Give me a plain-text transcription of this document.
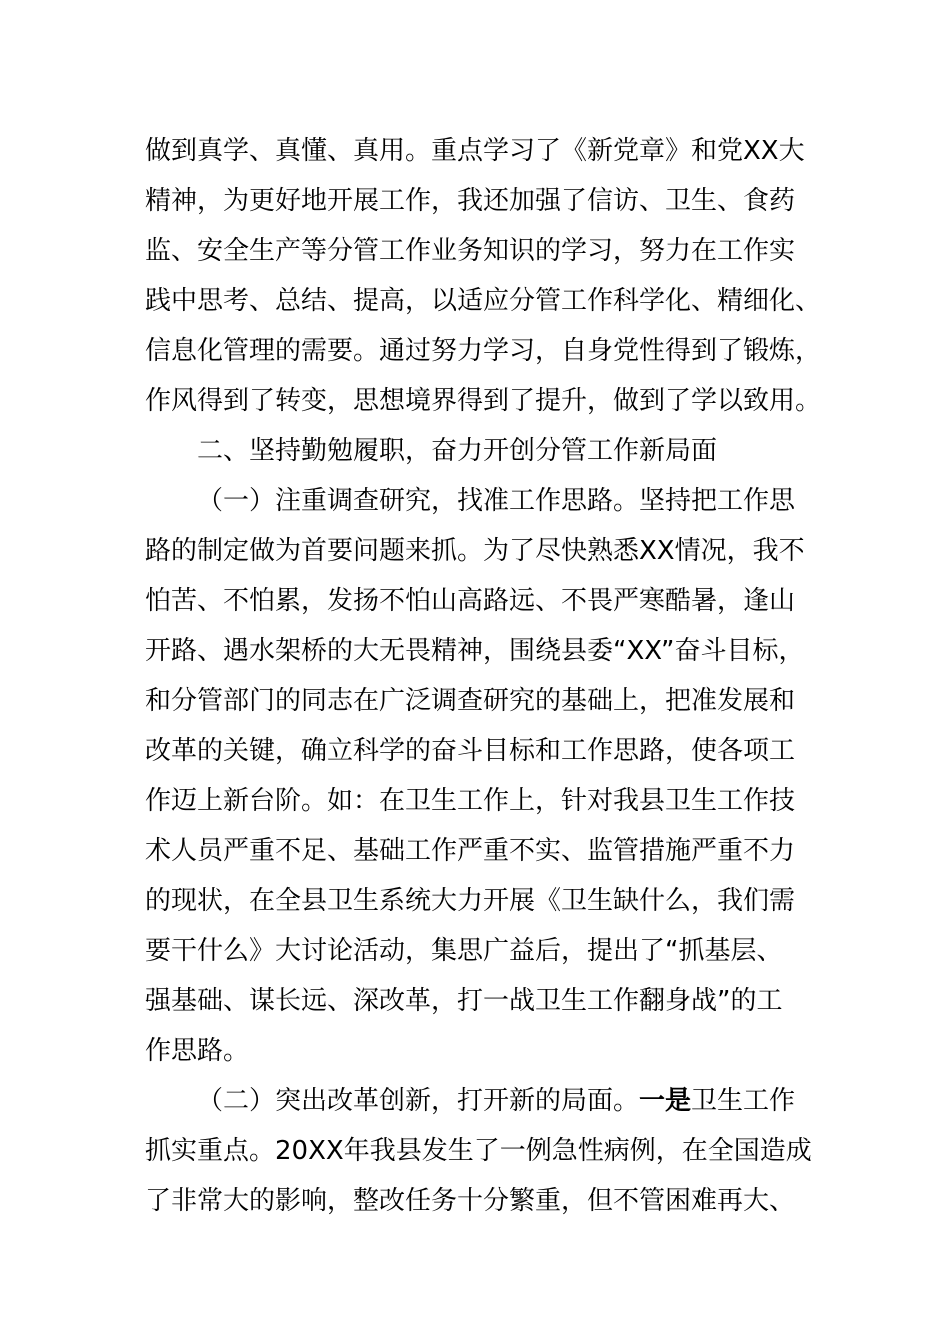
做到真学、真懂、真用。重点学习了《新党章》和党XX大
精神，为更好地开展工作，我还加强了信访、卫生、食药
监、安全生产等分管工作业务知识的学习，努力在工作实
践中思考、总结、提高，以适应分管工作科学化、精细化、
信息化管理的需要。通过努力学习，自身党性得到了锻炼，
作风得到了转变，思想境界得到了提升，做到了学以致用。
二、坚持勤勉履职，奋力开创分管工作新局面
（一）注重调查研究，找准工作思路。坚持把工作思
路的制定做为首要问题来抓。为了尽快熟悉XX情况，我不
怕苦、不怕累，发扬不怕山高路远、不畏严寒酷暑，逢山
开路、遇水架桥的大无畏精神，围绕县委“XX”奋斗目标，
和分管部门的同志在广泛调查研究的基础上，把准发展和
改革的关键，确立科学的奋斗目标和工作思路，使各项工
作迈上新台阶。如：在卫生工作上，针对我县卫生工作技
术人员严重不足、基础工作严重不实、监管措施严重不力
的现状，在全县卫生系统大力开展《卫生缺什么，我们需
要干什么》大讨论活动，集思广益后，提出了“抓基层、
强基础、谋长远、深改革，打一战卫生工作翻身战”的工
作思路。
（二）突出改革创新，打开新的局面。一是卫生工作
抓实重点。20XX年我县发生了一例急性病例，在全国造成
了非常大的影响，整改任务十分繁重，但不管困难再大、
